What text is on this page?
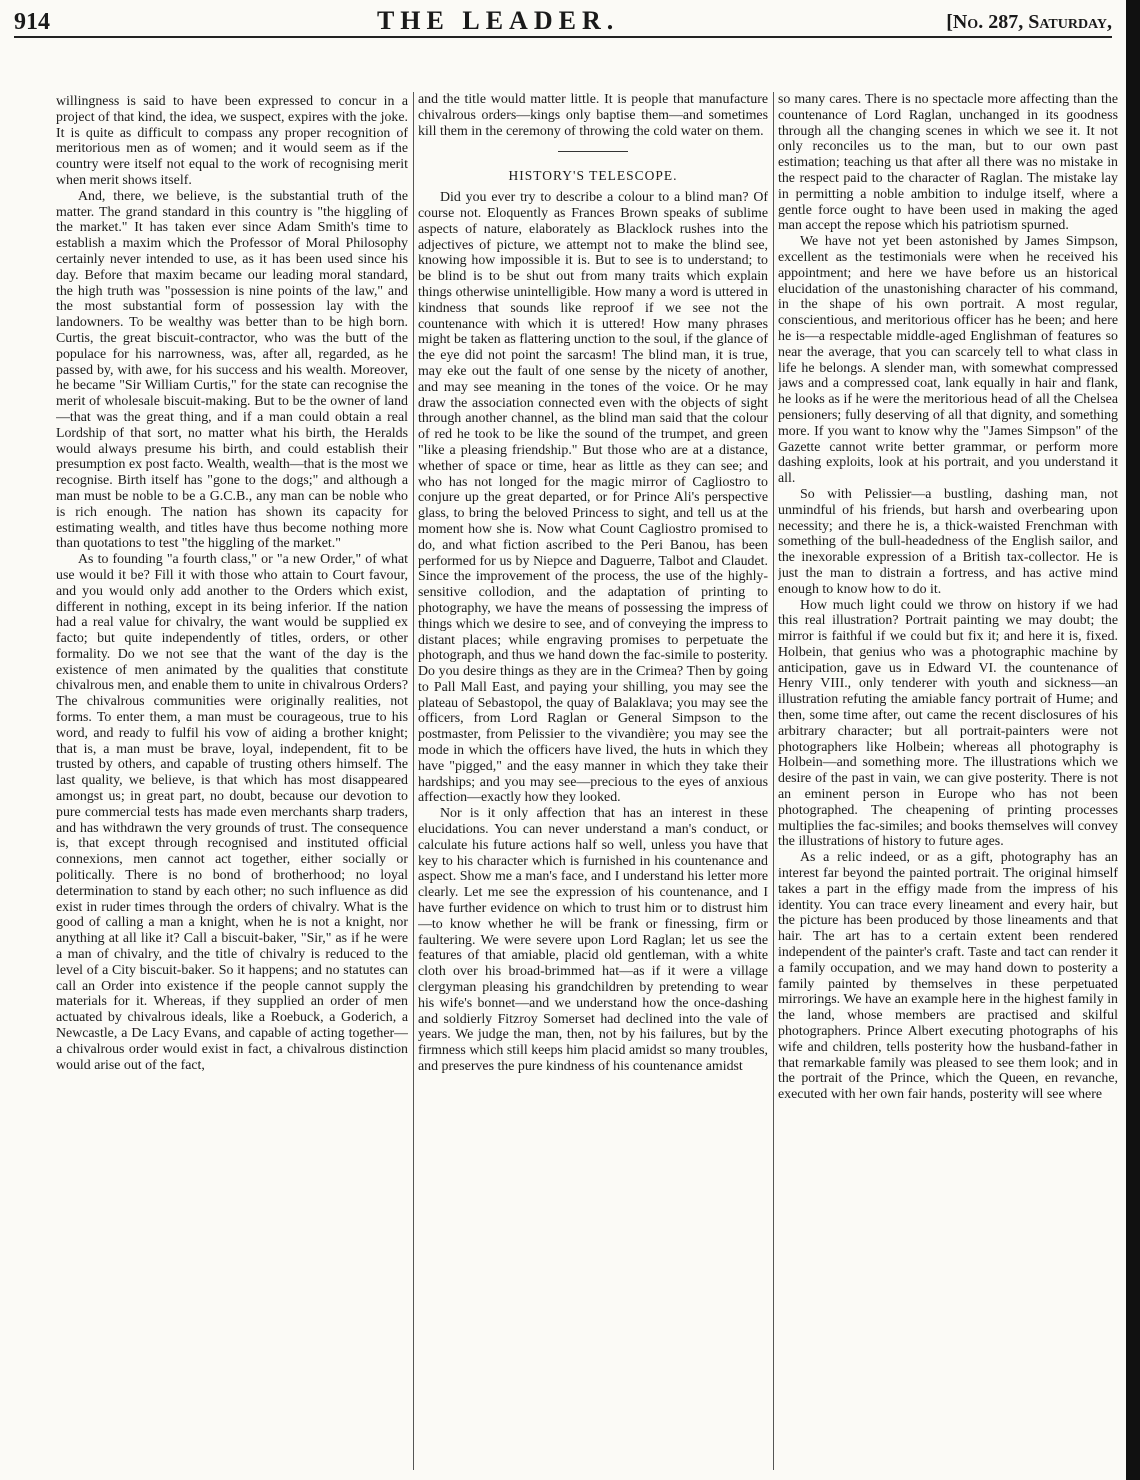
914	THE LEADER.	[No. 287, Saturday,

willingness is said to have been expressed to concur in a project of that kind, the idea, we suspect, expires with the joke. It is quite as difficult to compass any proper recognition of meritorious men as of women; and it would seem as if the country were itself not equal to the work of recognising merit when merit shows itself.

And, there, we believe, is the substantial truth of the matter. The grand standard in this country is "the higgling of the market." It has taken ever since Adam Smith's time to establish a maxim which the Professor of Moral Philosophy certainly never intended to use, as it has been used since his day. Before that maxim became our leading moral standard, the high truth was "possession is nine points of the law," and the most substantial form of possession lay with the landowners. To be wealthy was better than to be high born. Curtis, the great biscuit-contractor, who was the butt of the populace for his narrowness, was, after all, regarded, as he passed by, with awe, for his success and his wealth. Moreover, he became "Sir William Curtis," for the state can recognise the merit of wholesale biscuit-making. But to be the owner of land—that was the great thing, and if a man could obtain a real Lordship of that sort, no matter what his birth, the Heralds would always presume his birth, and could establish their presumption ex post facto. Wealth, wealth—that is the most we recognise. Birth itself has "gone to the dogs;" and although a man must be noble to be a G.C.B., any man can be noble who is rich enough. The nation has shown its capacity for estimating wealth, and titles have thus become nothing more than quotations to test "the higgling of the market."

As to founding "a fourth class," or "a new Order," of what use would it be? Fill it with those who attain to Court favour, and you would only add another to the Orders which exist, different in nothing, except in its being inferior. If the nation had a real value for chivalry, the want would be supplied ex facto; but quite independently of titles, orders, or other formality. Do we not see that the want of the day is the existence of men animated by the qualities that constitute chivalrous men, and enable them to unite in chivalrous Orders? The chivalrous communities were originally realities, not forms. To enter them, a man must be courageous, true to his word, and ready to fulfil his vow of aiding a brother knight; that is, a man must be brave, loyal, independent, fit to be trusted by others, and capable of trusting others himself. The last quality, we believe, is that which has most disappeared amongst us; in great part, no doubt, because our devotion to pure commercial tests has made even merchants sharp traders, and has withdrawn the very grounds of trust. The consequence is, that except through recognised and instituted official connexions, men cannot act together, either socially or politically. There is no bond of brotherhood; no loyal determination to stand by each other; no such influence as did exist in ruder times through the orders of chivalry. What is the good of calling a man a knight, when he is not a knight, nor anything at all like it? Call a biscuit-baker, "Sir," as if he were a man of chivalry, and the title of chivalry is reduced to the level of a City biscuit-baker. So it happens; and no statutes can call an Order into existence if the people cannot supply the materials for it. Whereas, if they supplied an order of men actuated by chivalrous ideals, like a Roebuck, a Goderich, a Newcastle, a De Lacy Evans, and capable of acting together—a chivalrous order would exist in fact, a chivalrous distinction would arise out of the fact,

and the title would matter little. It is people that manufacture chivalrous orders—kings only baptise them—and sometimes kill them in the ceremony of throwing the cold water on them.

HISTORY'S TELESCOPE.

Did you ever try to describe a colour to a blind man? Of course not. Eloquently as Frances Brown speaks of sublime aspects of nature, elaborately as Blacklock rushes into the adjectives of picture, we attempt not to make the blind see, knowing how impossible it is. But to see is to understand; to be blind is to be shut out from many traits which explain things otherwise unintelligible. How many a word is uttered in kindness that sounds like reproof if we see not the countenance with which it is uttered! How many phrases might be taken as flattering unction to the soul, if the glance of the eye did not point the sarcasm! The blind man, it is true, may eke out the fault of one sense by the nicety of another, and may see meaning in the tones of the voice. Or he may draw the association connected even with the objects of sight through another channel, as the blind man said that the colour of red he took to be like the sound of the trumpet, and green "like a pleasing friendship." But those who are at a distance, whether of space or time, hear as little as they can see; and who has not longed for the magic mirror of Cagliostro to conjure up the great departed, or for Prince Ali's perspective glass, to bring the beloved Princess to sight, and tell us at the moment how she is. Now what Count Cagliostro promised to do, and what fiction ascribed to the Peri Banou, has been performed for us by Niepce and Daguerre, Talbot and Claudet. Since the improvement of the process, the use of the highly-sensitive collodion, and the adaptation of printing to photography, we have the means of possessing the impress of things which we desire to see, and of conveying the impress to distant places; while engraving promises to perpetuate the photograph, and thus we hand down the fac-simile to posterity. Do you desire things as they are in the Crimea? Then by going to Pall Mall East, and paying your shilling, you may see the plateau of Sebastopol, the quay of Balaklava; you may see the officers, from Lord Raglan or General Simpson to the postmaster, from Pelissier to the vivandière; you may see the mode in which the officers have lived, the huts in which they have "pigged," and the easy manner in which they take their hardships; and you may see—precious to the eyes of anxious affection—exactly how they looked.

Nor is it only affection that has an interest in these elucidations. You can never understand a man's conduct, or calculate his future actions half so well, unless you have that key to his character which is furnished in his countenance and aspect. Show me a man's face, and I understand his letter more clearly. Let me see the expression of his countenance, and I have further evidence on which to trust him or to distrust him—to know whether he will be frank or finessing, firm or faultering. We were severe upon Lord Raglan; let us see the features of that amiable, placid old gentleman, with a white cloth over his broad-brimmed hat—as if it were a village clergyman pleasing his grandchildren by pretending to wear his wife's bonnet—and we understand how the once-dashing and soldierly Fitzroy Somerset had declined into the vale of years. We judge the man, then, not by his failures, but by the firmness which still keeps him placid amidst so many troubles, and preserves the pure kindness of his countenance amidst

so many cares. There is no spectacle more affecting than the countenance of Lord Raglan, unchanged in its goodness through all the changing scenes in which we see it. It not only reconciles us to the man, but to our own past estimation; teaching us that after all there was no mistake in the respect paid to the character of Raglan. The mistake lay in permitting a noble ambition to indulge itself, where a gentle force ought to have been used in making the aged man accept the repose which his patriotism spurned.

We have not yet been astonished by James Simpson, excellent as the testimonials were when he received his appointment; and here we have before us an historical elucidation of the unastonishing character of his command, in the shape of his own portrait. A most regular, conscientious, and meritorious officer has he been; and here he is—a respectable middle-aged Englishman of features so near the average, that you can scarcely tell to what class in life he belongs. A slender man, with somewhat compressed jaws and a compressed coat, lank equally in hair and flank, he looks as if he were the meritorious head of all the Chelsea pensioners; fully deserving of all that dignity, and something more. If you want to know why the "James Simpson" of the Gazette cannot write better grammar, or perform more dashing exploits, look at his portrait, and you understand it all.

So with Pelissier—a bustling, dashing man, not unmindful of his friends, but harsh and overbearing upon necessity; and there he is, a thick-waisted Frenchman with something of the bull-headedness of the English sailor, and the inexorable expression of a British tax-collector. He is just the man to distrain a fortress, and has active mind enough to know how to do it.

How much light could we throw on history if we had this real illustration? Portrait painting we may doubt; the mirror is faithful if we could but fix it; and here it is, fixed. Holbein, that genius who was a photographic machine by anticipation, gave us in Edward VI. the countenance of Henry VIII., only tenderer with youth and sickness—an illustration refuting the amiable fancy portrait of Hume; and then, some time after, out came the recent disclosures of his arbitrary character; but all portrait-painters were not photographers like Holbein; whereas all photography is Holbein—and something more. The illustrations which we desire of the past in vain, we can give posterity. There is not an eminent person in Europe who has not been photographed. The cheapening of printing processes multiplies the fac-similes; and books themselves will convey the illustrations of history to future ages.

As a relic indeed, or as a gift, photography has an interest far beyond the painted portrait. The original himself takes a part in the effigy made from the impress of his identity. You can trace every lineament and every hair, but the picture has been produced by those lineaments and that hair. The art has to a certain extent been rendered independent of the painter's craft. Taste and tact can render it a family occupation, and we may hand down to posterity a family painted by themselves in these perpetuated mirrorings. We have an example here in the highest family in the land, whose members are practised and skilful photographers. Prince Albert executing photographs of his wife and children, tells posterity how the husband-father in that remarkable family was pleased to see them look; and in the portrait of the Prince, which the Queen, en revanche, executed with her own fair hands, posterity will see where
